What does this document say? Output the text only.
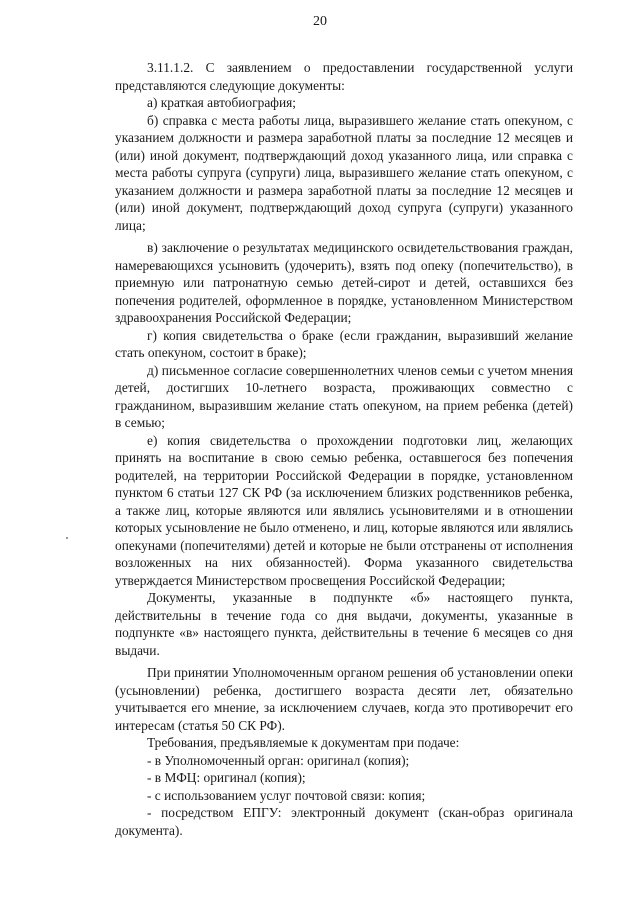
20

3.11.1.2. С заявлением о предоставлении государственной услуги представляются следующие документы:

а) краткая автобиография;

б) справка с места работы лица, выразившего желание стать опекуном, с указанием должности и размера заработной платы за последние 12 месяцев и (или) иной документ, подтверждающий доход указанного лица, или справка с места работы супруга (супруги) лица, выразившего желание стать опекуном, с указанием должности и размера заработной платы за последние 12 месяцев и (или) иной документ, подтверждающий доход супруга (супруги) указанного лица;

в) заключение о результатах медицинского освидетельствования граждан, намеревающихся усыновить (удочерить), взять под опеку (попечительство), в приемную или патронатную семью детей-сирот и детей, оставшихся без попечения родителей, оформленное в порядке, установленном Министерством здравоохранения Российской Федерации;

г) копия свидетельства о браке (если гражданин, выразивший желание стать опекуном, состоит в браке);

д) письменное согласие совершеннолетних членов семьи с учетом мнения детей, достигших 10-летнего возраста, проживающих совместно с гражданином, выразившим желание стать опекуном, на прием ребенка (детей) в семью;

е) копия свидетельства о прохождении подготовки лиц, желающих принять на воспитание в свою семью ребенка, оставшегося без попечения родителей, на территории Российской Федерации в порядке, установленном пунктом 6 статьи 127 СК РФ (за исключением близких родственников ребенка, а также лиц, которые являются или являлись усыновителями и в отношении которых усыновление не было отменено, и лиц, которые являются или являлись опекунами (попечителями) детей и которые не были отстранены от исполнения возложенных на них обязанностей). Форма указанного свидетельства утверждается Министерством просвещения Российской Федерации;

Документы, указанные в подпункте «б» настоящего пункта, действительны в течение года со дня выдачи, документы, указанные в подпункте «в» настоящего пункта, действительны в течение 6 месяцев со дня выдачи.

При принятии Уполномоченным органом решения об установлении опеки (усыновлении) ребенка, достигшего возраста десяти лет, обязательно учитывается его мнение, за исключением случаев, когда это противоречит его интересам (статья 50 СК РФ).

Требования, предъявляемые к документам при подаче:

- в Уполномоченный орган: оригинал (копия);

- в МФЦ: оригинал (копия);

- с использованием услуг почтовой связи: копия;

- посредством ЕПГУ: электронный документ (скан-образ оригинала документа).
